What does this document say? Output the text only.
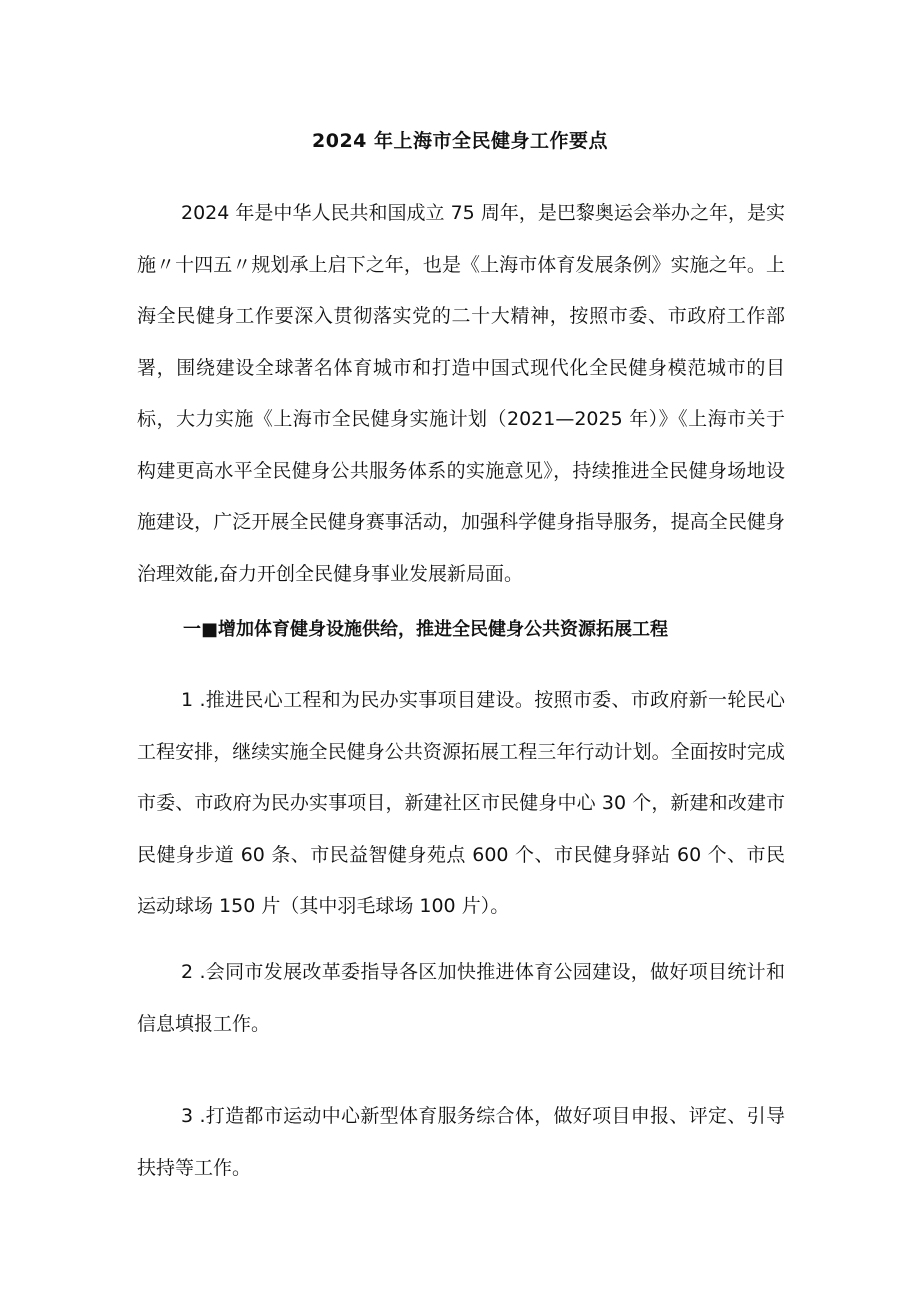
2024 年上海市全民健身工作要点

2024 年是中华人民共和国成立 75 周年，是巴黎奥运会举办之年，是实施〃十四五〃规划承上启下之年，也是《上海市体育发展条例》实施之年。上海全民健身工作要深入贯彻落实党的二十大精神，按照市委、市政府工作部署，围绕建设全球著名体育城市和打造中国式现代化全民健身模范城市的目标，大力实施《上海市全民健身实施计划（2021—2025 年）》《上海市关于构建更高水平全民健身公共服务体系的实施意见》，持续推进全民健身场地设施建设，广泛开展全民健身赛事活动，加强科学健身指导服务，提高全民健身治理效能,奋力开创全民健身事业发展新局面。

一■增加体育健身设施供给，推进全民健身公共资源拓展工程

1 .推进民心工程和为民办实事项目建设。按照市委、市政府新一轮民心工程安排，继续实施全民健身公共资源拓展工程三年行动计划。全面按时完成市委、市政府为民办实事项目，新建社区市民健身中心 30 个，新建和改建市民健身步道 60 条、市民益智健身苑点 600 个、市民健身驿站 60 个、市民运动球场 150 片（其中羽毛球场 100 片）。

2 .会同市发展改革委指导各区加快推进体育公园建设，做好项目统计和信息填报工作。

3 .打造都市运动中心新型体育服务综合体，做好项目申报、评定、引导扶持等工作。
